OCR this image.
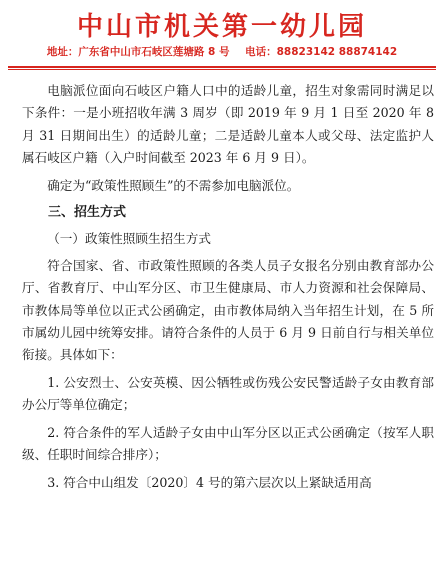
中山市机关第一幼儿园
地址：广东省中山市石岐区莲塘路 8 号 电话：88823142 88874142

电脑派位面向石岐区户籍人口中的适龄儿童，招生对象需同时满足以下条件：一是小班招收年满 3 周岁（即 2019 年 9 月 1 日至 2020 年 8 月 31 日期间出生）的适龄儿童；二是适龄儿童本人或父母、法定监护人属石岐区户籍（入户时间截至 2023 年 6 月 9 日）。

确定为“政策性照顾生”的不需参加电脑派位。

三、招生方式
（一）政策性照顾生招生方式

符合国家、省、市政策性照顾的各类人员子女报名分别由教育部办公厅、省教育厅、中山军分区、市卫生健康局、市人力资源和社会保障局、市教体局等单位以正式公函确定，由市教体局纳入当年招生计划，在 5 所市属幼儿园中统筹安排。请符合条件的人员于 6 月 9 日前自行与相关单位衔接。具体如下：

1. 公安烈士、公安英模、因公牺牲或伤残公安民警适龄子女由教育部办公厅等单位确定；

2. 符合条件的军人适龄子女由中山军分区以正式公函确定（按军人职级、任职时间综合排序）；

3. 符合中山组发〔2020〕4 号的第六层次以上紧缺适用高
